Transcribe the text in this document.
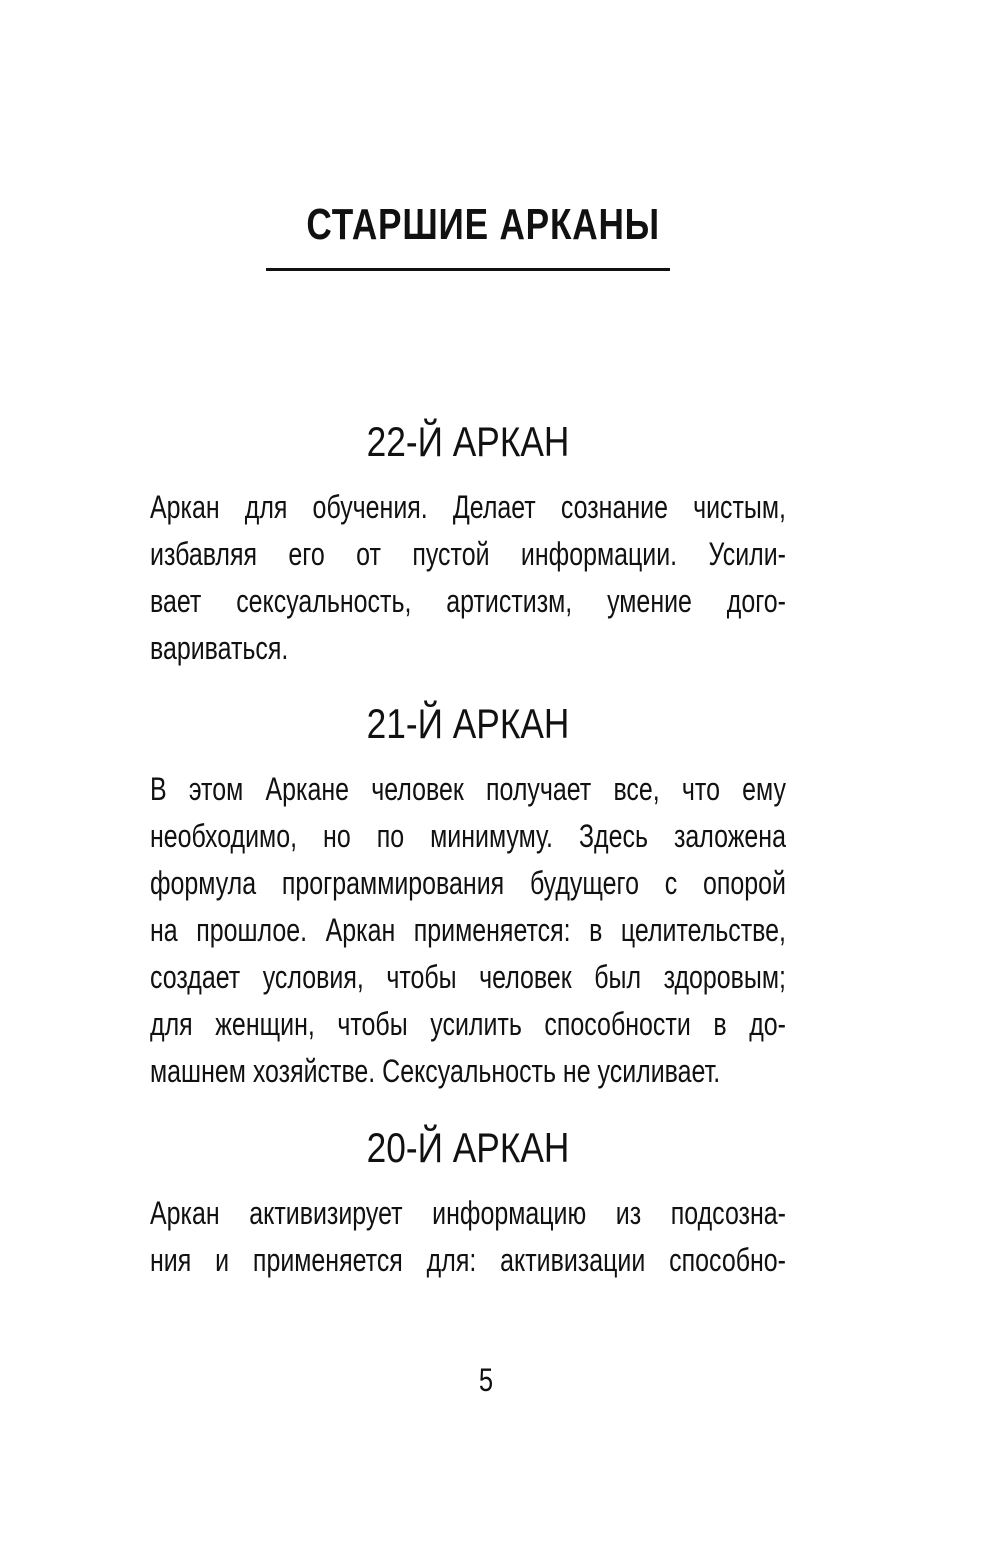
СТАРШИЕ АРКАНЫ
22-Й АРКАН

Аркан для обучения. Делает сознание чистым,
избавляя его от пустой информации. Усили-
вает сексуальность, артистизм, умение дого-
вариваться.

21-Й АРКАН

В этом Аркане человек получает все, что ему
необходимо, но по минимуму. Здесь заложена
формула программирования будущего с опорой
на прошлое. Аркан применяется: в целительстве,
создает условия, чтобы человек был здоровым;
для женщин, чтобы усилить способности в до-
машнем хозяйстве. Сексуальность не усиливает.

20-Й АРКАН

Аркан активизирует информацию из подсозна-
ния и применяется для: активизации способно-

5
